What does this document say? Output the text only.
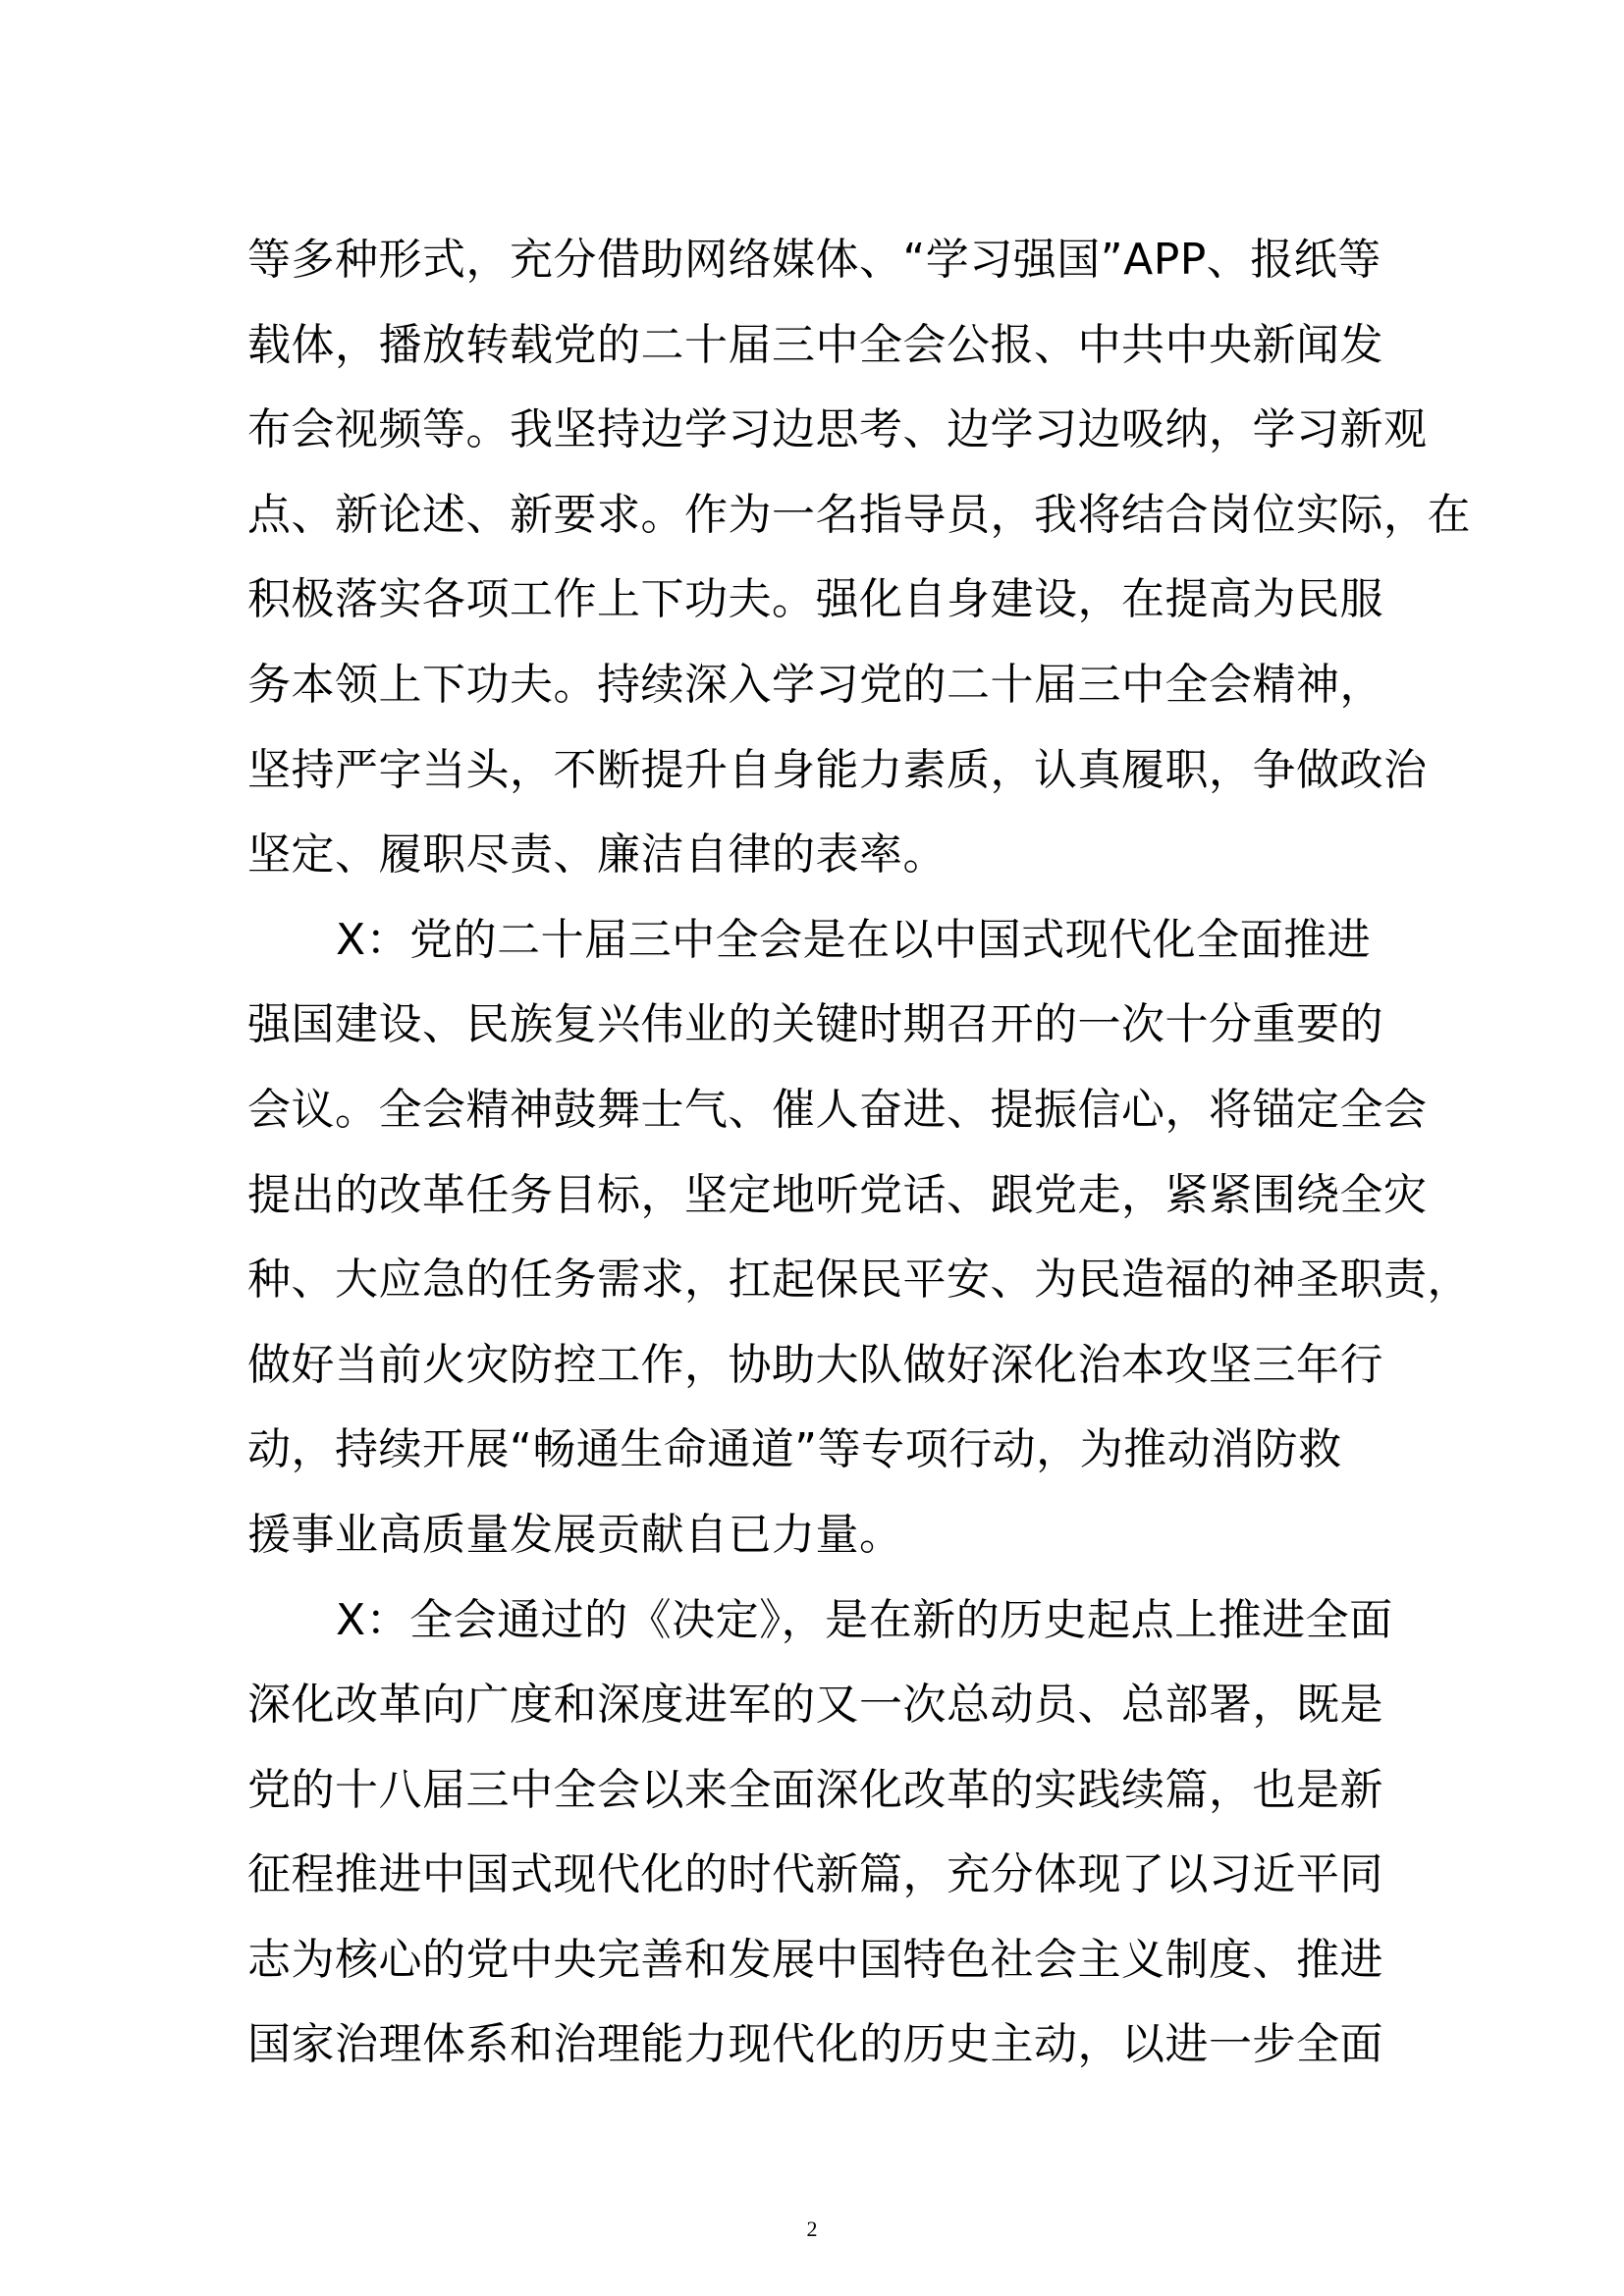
等多种形式，充分借助网络媒体、“学习强国”APP、报纸等
载体，播放转载党的二十届三中全会公报、中共中央新闻发
布会视频等。我坚持边学习边思考、边学习边吸纳，学习新观
点、新论述、新要求。作为一名指导员，我将结合岗位实际，在
积极落实各项工作上下功夫。强化自身建设，在提高为民服
务本领上下功夫。持续深入学习党的二十届三中全会精神，
坚持严字当头，不断提升自身能力素质，认真履职，争做政治
坚定、履职尽责、廉洁自律的表率。
X：党的二十届三中全会是在以中国式现代化全面推进
强国建设、民族复兴伟业的关键时期召开的一次十分重要的
会议。全会精神鼓舞士气、催人奋进、提振信心，将锚定全会
提出的改革任务目标，坚定地听党话、跟党走，紧紧围绕全灾
种、大应急的任务需求，扛起保民平安、为民造福的神圣职责，
做好当前火灾防控工作，协助大队做好深化治本攻坚三年行
动，持续开展“畅通生命通道”等专项行动，为推动消防救
援事业高质量发展贡献自已力量。
X：全会通过的《决定》，是在新的历史起点上推进全面
深化改革向广度和深度进军的又一次总动员、总部署，既是
党的十八届三中全会以来全面深化改革的实践续篇，也是新
征程推进中国式现代化的时代新篇，充分体现了以习近平同
志为核心的党中央完善和发展中国特色社会主义制度、推进
国家治理体系和治理能力现代化的历史主动，以进一步全面
2
